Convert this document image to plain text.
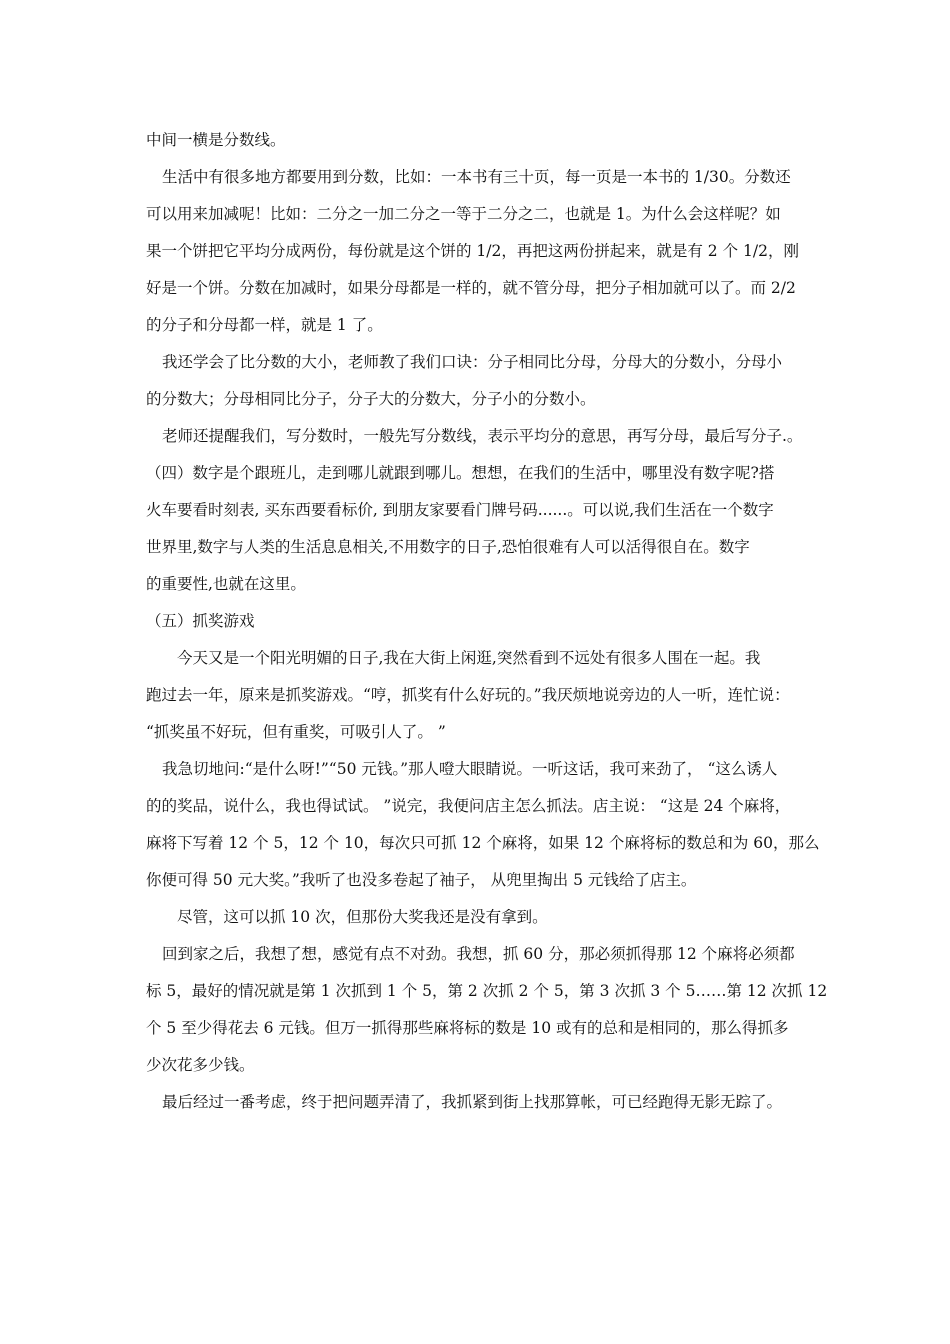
中间一横是分数线。
生活中有很多地方都要用到分数，比如：一本书有三十页，每一页是一本书的 1/30。分数还
可以用来加减呢！比如：二分之一加二分之一等于二分之二，也就是 1。为什么会这样呢？如
果一个饼把它平均分成两份，每份就是这个饼的 1/2，再把这两份拼起来，就是有 2 个 1/2，刚
好是一个饼。分数在加减时，如果分母都是一样的，就不管分母，把分子相加就可以了。而 2/2
的分子和分母都一样，就是 1 了。
我还学会了比分数的大小，老师教了我们口诀：分子相同比分母，分母大的分数小，分母小
的分数大；分母相同比分子，分子大的分数大，分子小的分数小。
老师还提醒我们，写分数时，一般先写分数线，表示平均分的意思，再写分母，最后写分子.。
（四）数字是个跟班儿，走到哪儿就跟到哪儿。想想，在我们的生活中，哪里没有数字呢?搭
火车要看时刻表, 买东西要看标价, 到朋友家要看门牌号码......。可以说,我们生活在一个数字
世界里,数字与人类的生活息息相关,不用数字的日子,恐怕很难有人可以活得很自在。数字
的重要性,也就在这里。
（五）抓奖游戏
今天又是一个阳光明媚的日子,我在大街上闲逛,突然看到不远处有很多人围在一起。我
跑过去一年，原来是抓奖游戏。“哼，抓奖有什么好玩的。”我厌烦地说旁边的人一听，连忙说：
“抓奖虽不好玩，但有重奖，可吸引人了。 ”
我急切地问:“是什么呀!”“50 元钱。”那人噔大眼睛说。一听这话，我可来劲了， “这么诱人
的的奖品，说什么，我也得试试。 ”说完，我便问店主怎么抓法。店主说： “这是 24 个麻将，
麻将下写着 12 个 5，12 个 10，每次只可抓 12 个麻将，如果 12 个麻将标的数总和为 60，那么
你便可得 50 元大奖。”我听了也没多卷起了袖子， 从兜里掏出 5 元钱给了店主。
尽管，这可以抓 10 次，但那份大奖我还是没有拿到。
回到家之后，我想了想，感觉有点不对劲。我想，抓 60 分，那必须抓得那 12 个麻将必须都
标 5，最好的情况就是第 1 次抓到 1 个 5，第 2 次抓 2 个 5，第 3 次抓 3 个 5……第 12 次抓 12
个 5 至少得花去 6 元钱。但万一抓得那些麻将标的数是 10 或有的总和是相同的，那么得抓多
少次花多少钱。
最后经过一番考虑，终于把问题弄清了，我抓紧到街上找那算帐，可已经跑得无影无踪了。
